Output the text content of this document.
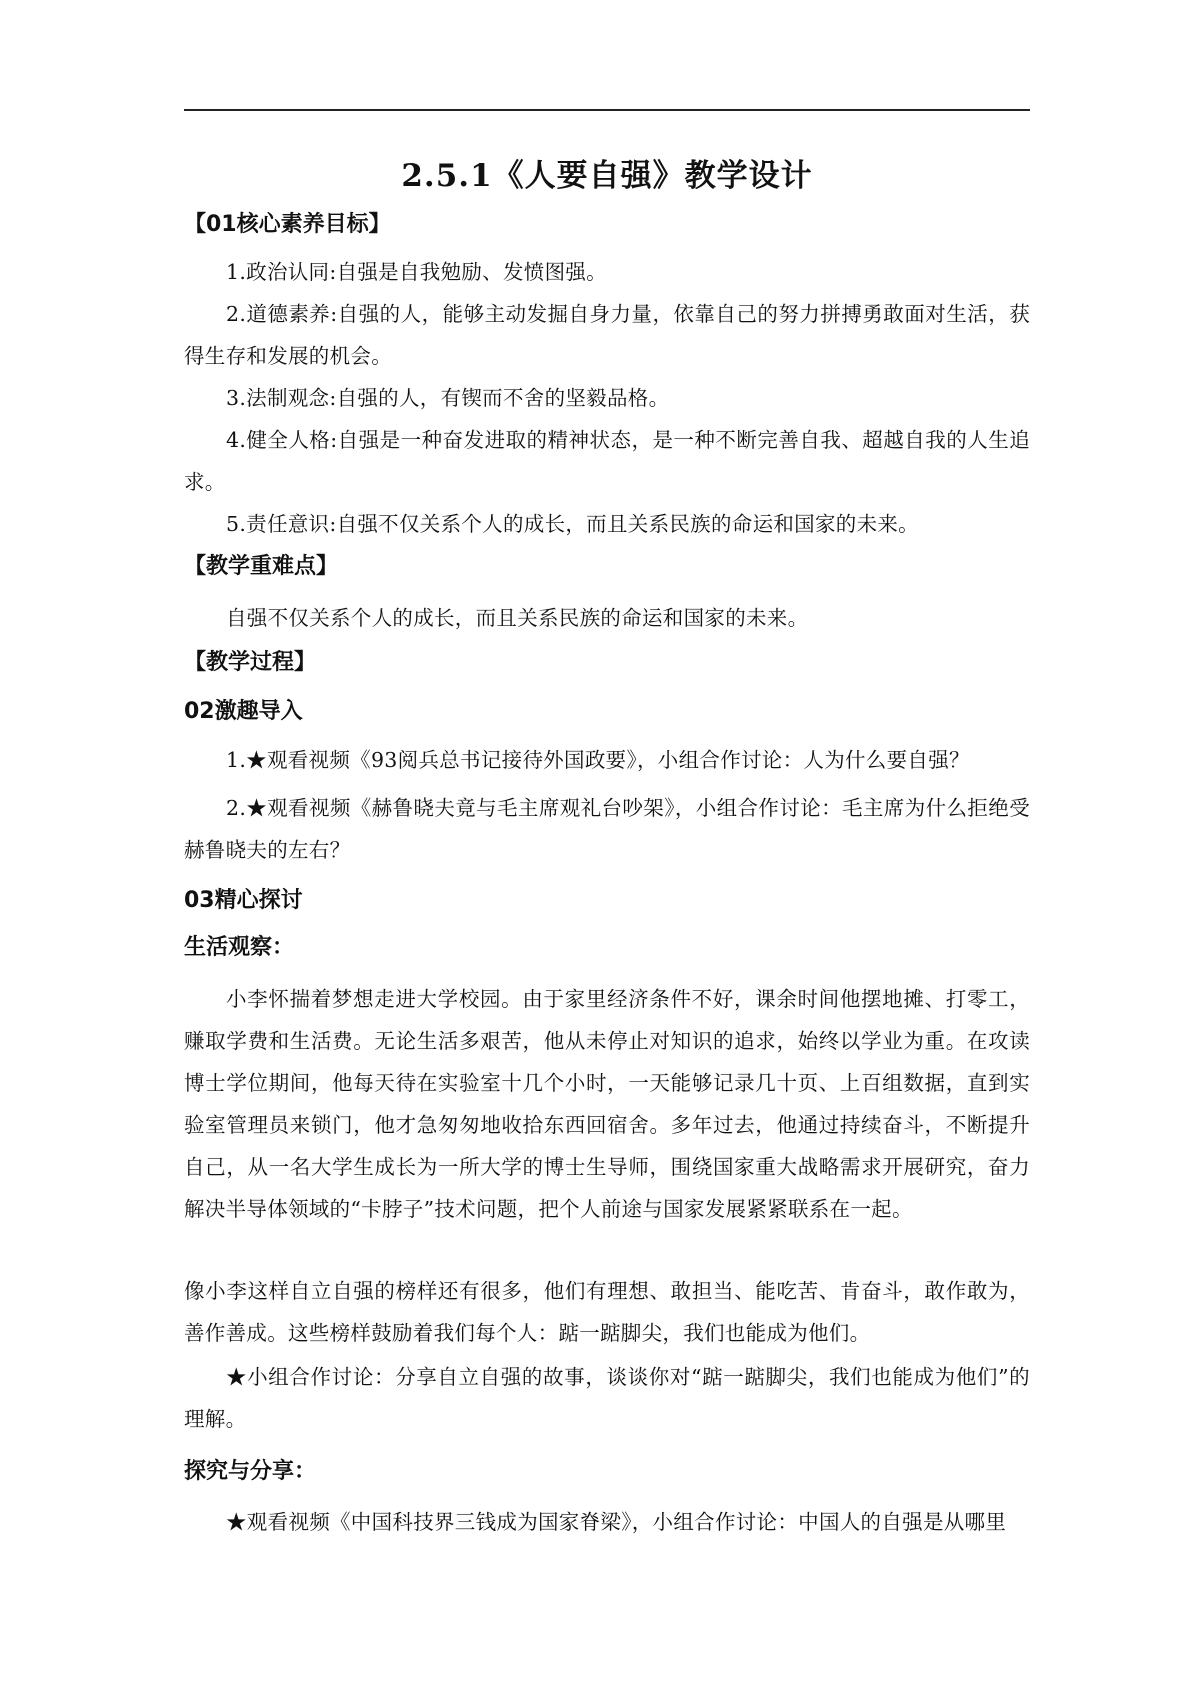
2.5.1《人要自强》教学设计
【01核心素养目标】
1.政治认同:自强是自我勉励、发愤图强。
2.道德素养:自强的人，能够主动发掘自身力量，依靠自己的努力拼搏勇敢面对生活，获得生存和发展的机会。
3.法制观念:自强的人，有锲而不舍的坚毅品格。
4.健全人格:自强是一种奋发进取的精神状态，是一种不断完善自我、超越自我的人生追求。
5.责任意识:自强不仅关系个人的成长，而且关系民族的命运和国家的未来。
【教学重难点】
自强不仅关系个人的成长，而且关系民族的命运和国家的未来。
【教学过程】
02激趣导入
1.★观看视频《93阅兵总书记接待外国政要》，小组合作讨论：人为什么要自强？
2.★观看视频《赫鲁晓夫竟与毛主席观礼台吵架》，小组合作讨论：毛主席为什么拒绝受赫鲁晓夫的左右？
03精心探讨
生活观察：
小李怀揣着梦想走进大学校园。由于家里经济条件不好，课余时间他摆地摊、打零工，赚取学费和生活费。无论生活多艰苦，他从未停止对知识的追求，始终以学业为重。在攻读博士学位期间，他每天待在实验室十几个小时，一天能够记录几十页、上百组数据，直到实验室管理员来锁门，他才急匆匆地收拾东西回宿舍。多年过去，他通过持续奋斗，不断提升自己，从一名大学生成长为一所大学的博士生导师，围绕国家重大战略需求开展研究，奋力解决半导体领域的“卡脖子”技术问题，把个人前途与国家发展紧紧联系在一起。
像小李这样自立自强的榜样还有很多，他们有理想、敢担当、能吃苦、肯奋斗，敢作敢为，善作善成。这些榜样鼓励着我们每个人：踮一踮脚尖，我们也能成为他们。
★小组合作讨论：分享自立自强的故事，谈谈你对“踮一踮脚尖，我们也能成为他们”的理解。
探究与分享：
★观看视频《中国科技界三钱成为国家脊梁》，小组合作讨论：中国人的自强是从哪里
